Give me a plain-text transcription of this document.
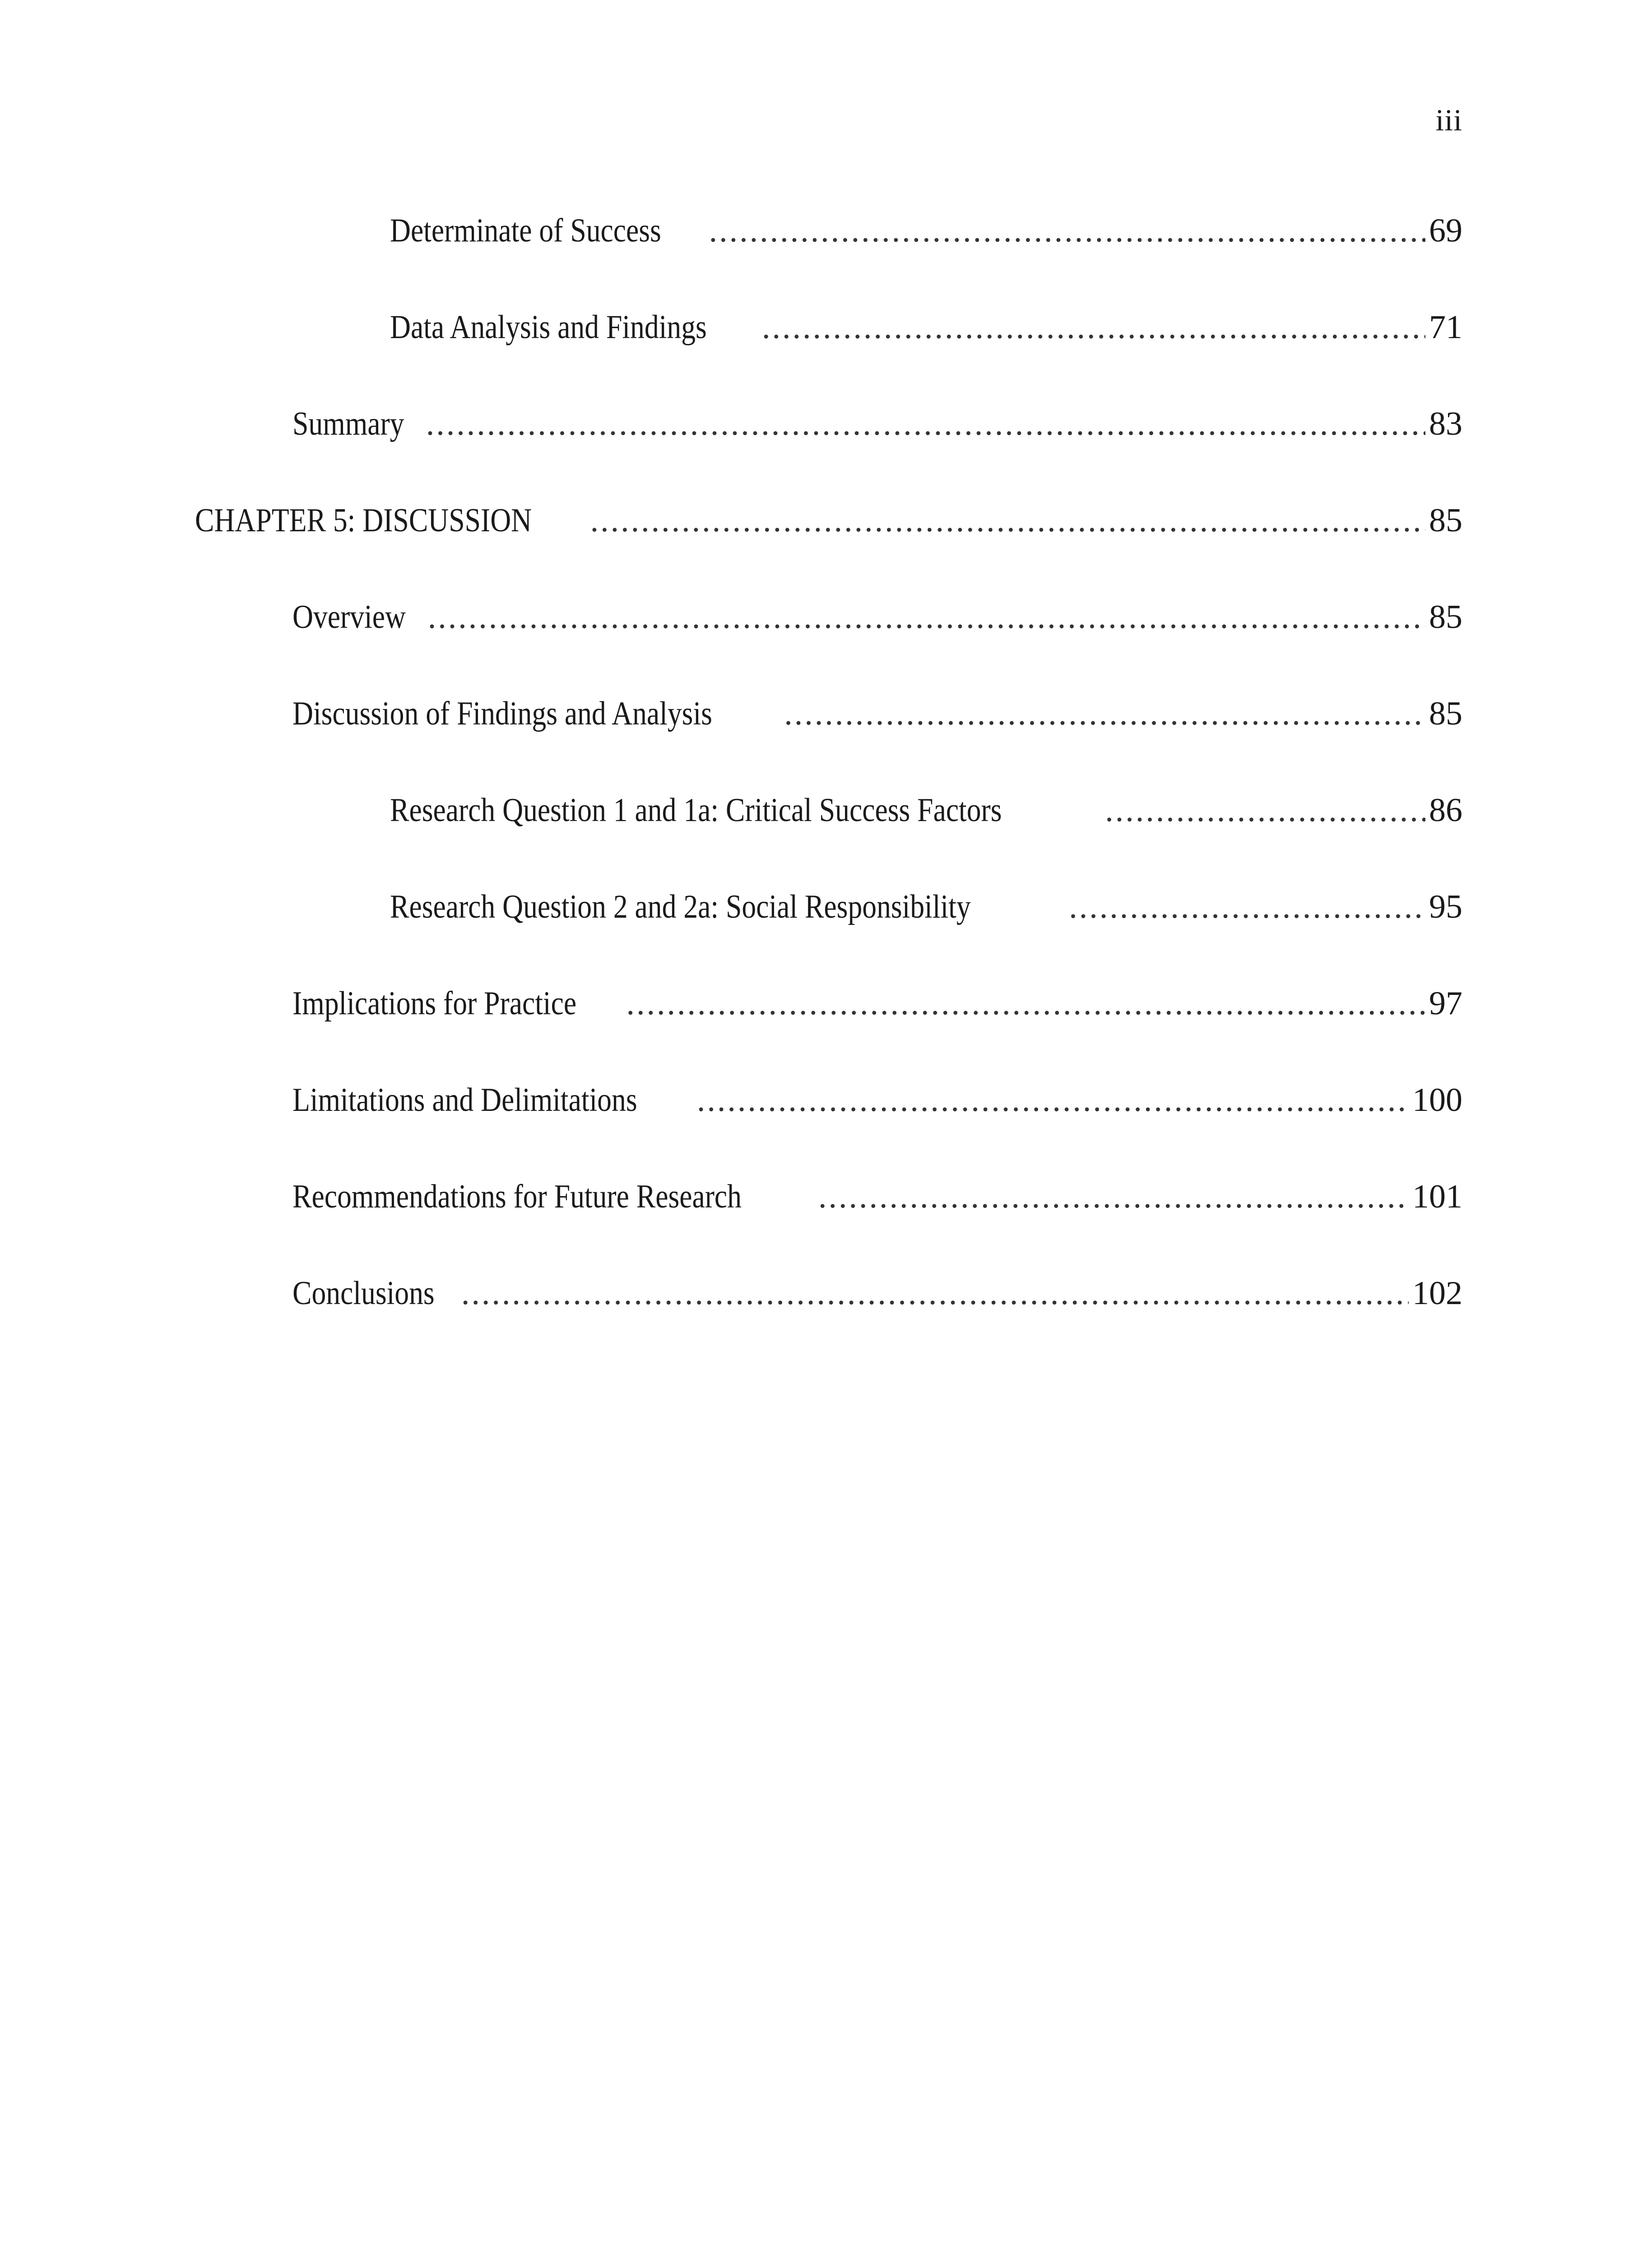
iii
Determinate of Success .....	69
Data Analysis and Findings .....	71
Summary .....	83
CHAPTER 5: DISCUSSION .....	85
Overview .....	85
Discussion of Findings and Analysis .....	85
Research Question 1 and 1a: Critical Success Factors .....	86
Research Question 2 and 2a: Social Responsibility .....	95
Implications for Practice .....	97
Limitations and Delimitations .....	100
Recommendations for Future Research .....	101
Conclusions .....	102
